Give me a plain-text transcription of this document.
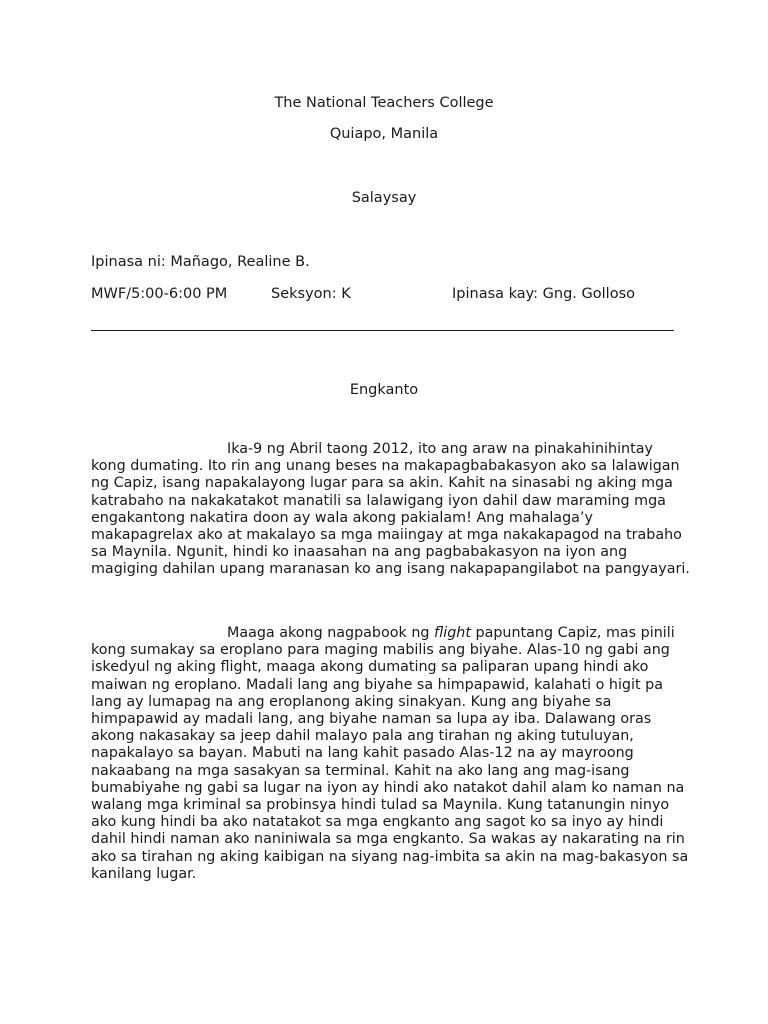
The National Teachers College
Quiapo, Manila
Salaysay
Ipinasa ni: Mañago, Realine B.
MWF/5:00-6:00 PM	Seksyon: K	Ipinasa kay: Gng. Golloso
Engkanto
Ika-9 ng Abril taong 2012, ito ang araw na pinakahinihintay
kong dumating. Ito rin ang unang beses na makapagbabakasyon ako sa lalawigan
ng Capiz, isang napakalayong lugar para sa akin. Kahit na sinasabi ng aking mga
katrabaho na nakakatakot manatili sa lalawigang iyon dahil daw maraming mga
engakantong nakatira doon ay wala akong pakialam! Ang mahalaga’y
makapagrelax ako at makalayo sa mga maiingay at mga nakakapagod na trabaho
sa Maynila. Ngunit, hindi ko inaasahan na ang pagbabakasyon na iyon ang
magiging dahilan upang maranasan ko ang isang nakapapangilabot na pangyayari.
Maaga akong nagpabook ng flight papuntang Capiz, mas pinili
kong sumakay sa eroplano para maging mabilis ang biyahe. Alas-10 ng gabi ang
iskedyul ng aking flight, maaga akong dumating sa paliparan upang hindi ako
maiwan ng eroplano. Madali lang ang biyahe sa himpapawid, kalahati o higit pa
lang ay lumapag na ang eroplanong aking sinakyan. Kung ang biyahe sa
himpapawid ay madali lang, ang biyahe naman sa lupa ay iba. Dalawang oras
akong nakasakay sa jeep dahil malayo pala ang tirahan ng aking tutuluyan,
napakalayo sa bayan. Mabuti na lang kahit pasado Alas-12 na ay mayroong
nakaabang na mga sasakyan sa terminal. Kahit na ako lang ang mag-isang
bumabiyahe ng gabi sa lugar na iyon ay hindi ako natakot dahil alam ko naman na
walang mga kriminal sa probinsya hindi tulad sa Maynila. Kung tatanungin ninyo
ako kung hindi ba ako natatakot sa mga engkanto ang sagot ko sa inyo ay hindi
dahil hindi naman ako naniniwala sa mga engkanto. Sa wakas ay nakarating na rin
ako sa tirahan ng aking kaibigan na siyang nag-imbita sa akin na mag-bakasyon sa
kanilang lugar.
